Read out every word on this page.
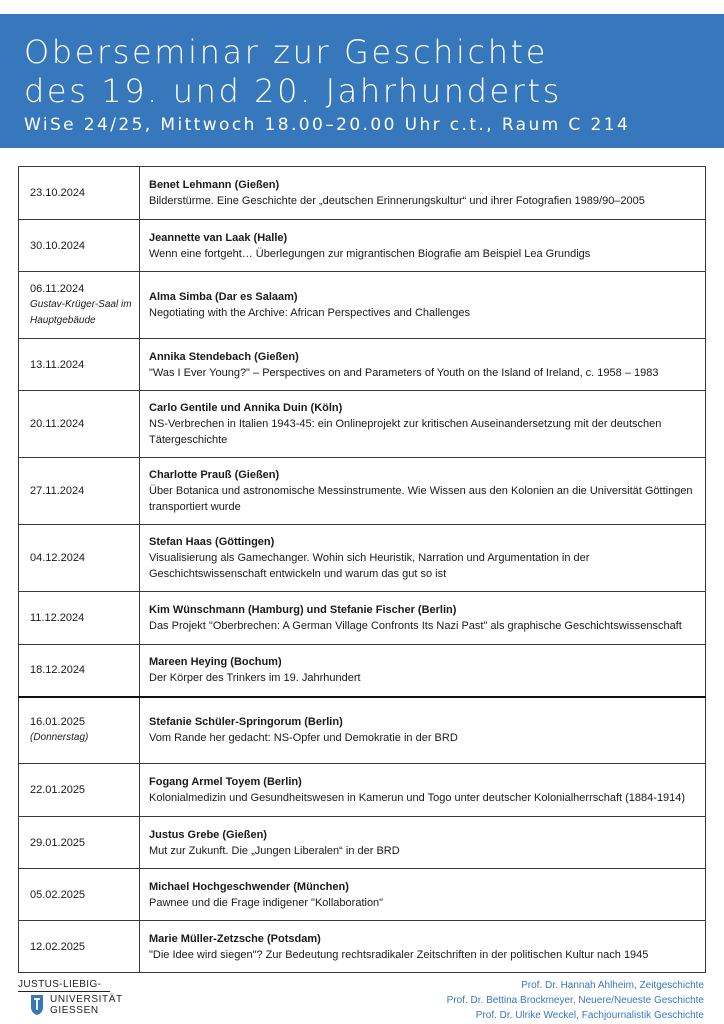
Oberseminar zur Geschichte
des 19. und 20. Jahrhunderts
WiSe 24/25, Mittwoch 18.00–20.00 Uhr c.t., Raum C 214
23.10.2024	Benet Lehmann (Gießen)
Bilderstürme. Eine Geschichte der „deutschen Erinnerungskultur“ und ihrer Fotografien 1989/90–2005

30.10.2024	Jeannette van Laak (Halle)
Wenn eine fortgeht… Überlegungen zur migrantischen Biografie am Beispiel Lea Grundigs

06.11.2024
Gustav-Krüger-Saal im Hauptgebäude	Alma Simba (Dar es Salaam)
Negotiating with the Archive: African Perspectives and Challenges

13.11.2024	Annika Stendebach (Gießen)
"Was I Ever Young?" – Perspectives on and Parameters of Youth on the Island of Ireland, c. 1958 – 1983

20.11.2024	Carlo Gentile und Annika Duin (Köln)
NS-Verbrechen in Italien 1943-45: ein Onlineprojekt zur kritischen Auseinandersetzung mit der deutschen Tätergeschichte

27.11.2024	Charlotte Prauß (Gießen)
Über Botanica und astronomische Messinstrumente. Wie Wissen aus den Kolonien an die Universität Göttingen transportiert wurde

04.12.2024	Stefan Haas (Göttingen)
Visualisierung als Gamechanger. Wohin sich Heuristik, Narration und Argumentation in der Geschichtswissenschaft entwickeln und warum das gut so ist

11.12.2024	Kim Wünschmann (Hamburg) und Stefanie Fischer (Berlin)
Das Projekt "Oberbrechen: A German Village Confronts Its Nazi Past" als graphische Geschichtswissenschaft

18.12.2024	Mareen Heying (Bochum)
Der Körper des Trinkers im 19. Jahrhundert

16.01.2025
(Donnerstag)	Stefanie Schüler-Springorum (Berlin)
Vom Rande her gedacht: NS-Opfer und Demokratie in der BRD

22.01.2025	Fogang Armel Toyem (Berlin)
Kolonialmedizin und Gesundheitswesen in Kamerun und Togo unter deutscher Kolonialherrschaft (1884-1914)

29.01.2025	Justus Grebe (Gießen)
Mut zur Zukunft. Die „Jungen Liberalen“ in der BRD

05.02.2025	Michael Hochgeschwender (München)
Pawnee und die Frage indigener "Kollaboration"

12.02.2025	Marie Müller-Zetzsche (Potsdam)
"Die Idee wird siegen"? Zur Bedeutung rechtsradikaler Zeitschriften in der politischen Kultur nach 1945
JUSTUS-LIEBIG-
UNIVERSITÄT
GIESSEN
Prof. Dr. Hannah Ahlheim, Zeitgeschichte
Prof. Dr. Bettina Brockmeyer, Neuere/Neueste Geschichte
Prof. Dr. Ulrike Weckel, Fachjournalistik Geschichte
